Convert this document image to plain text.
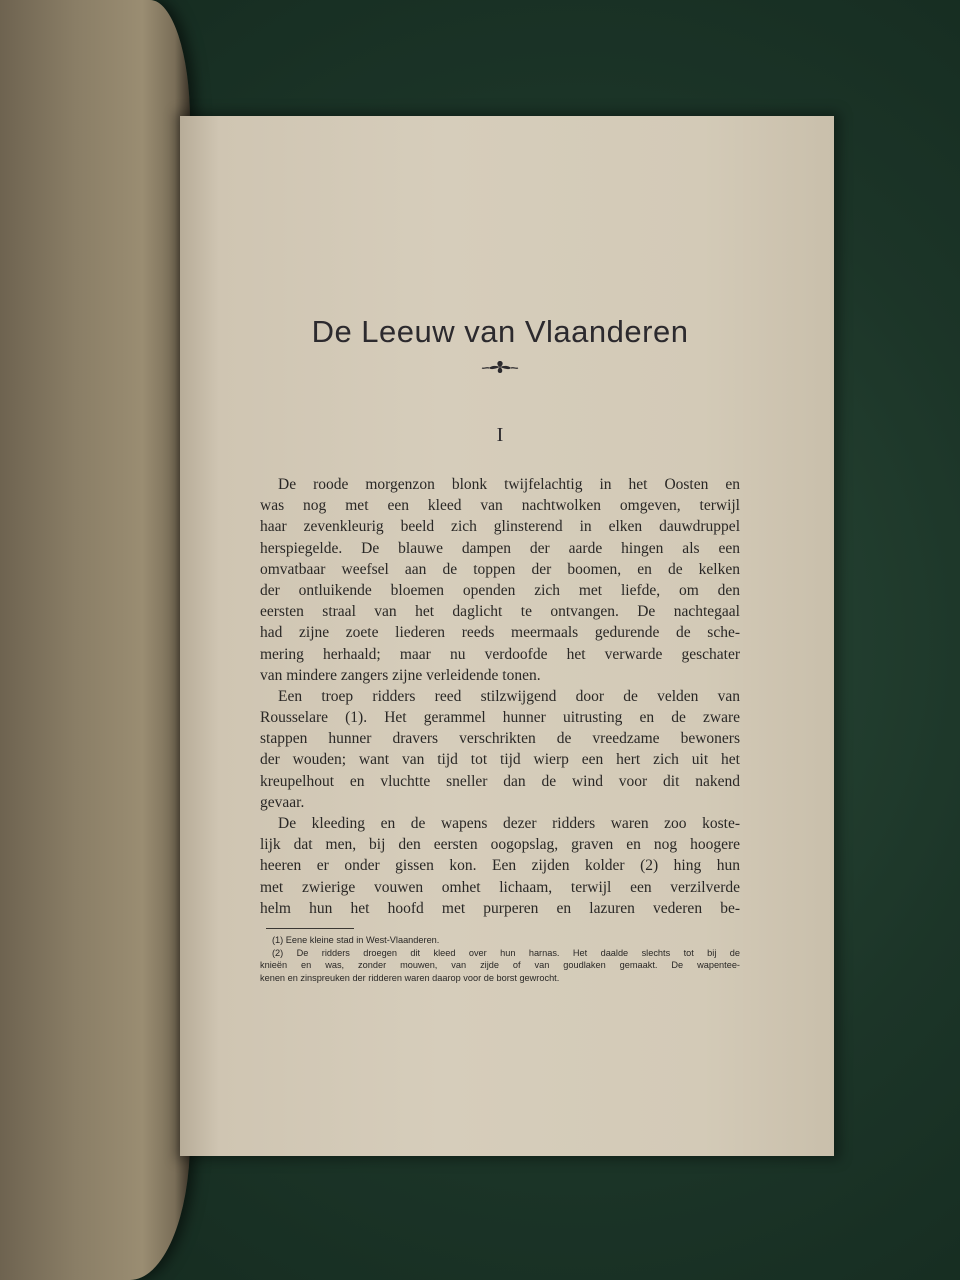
De Leeuw van Vlaanderen
I
De roode morgenzon blonk twijfelachtig in het Oosten en
was nog met een kleed van nachtwolken omgeven, terwijl
haar zevenkleurig beeld zich glinsterend in elken dauwdruppel
herspiegelde. De blauwe dampen der aarde hingen als een
omvatbaar weefsel aan de toppen der boomen, en de kelken
der ontluikende bloemen openden zich met liefde, om den
eersten straal van het daglicht te ontvangen. De nachtegaal
had zijne zoete liederen reeds meermaals gedurende de sche-
mering herhaald; maar nu verdoofde het verwarde geschater
van mindere zangers zijne verleidende tonen.
Een troep ridders reed stilzwijgend door de velden van
Rousselare (1). Het gerammel hunner uitrusting en de zware
stappen hunner dravers verschrikten de vreedzame bewoners
der wouden; want van tijd tot tijd wierp een hert zich uit het
kreupelhout en vluchtte sneller dan de wind voor dit nakend
gevaar.
De kleeding en de wapens dezer ridders waren zoo koste-
lijk dat men, bij den eersten oogopslag, graven en nog hoogere
heeren er onder gissen kon. Een zijden kolder (2) hing hun
met zwierige vouwen omhet lichaam, terwijl een verzilverde
helm hun het hoofd met purperen en lazuren vederen be-
(1) Eene kleine stad in West-Vlaanderen.
(2) De ridders droegen dit kleed over hun harnas. Het daalde slechts tot bij de
knieën en was, zonder mouwen, van zijde of van goudlaken gemaakt. De wapentee-
kenen en zinspreuken der ridderen waren daarop voor de borst gewrocht.
